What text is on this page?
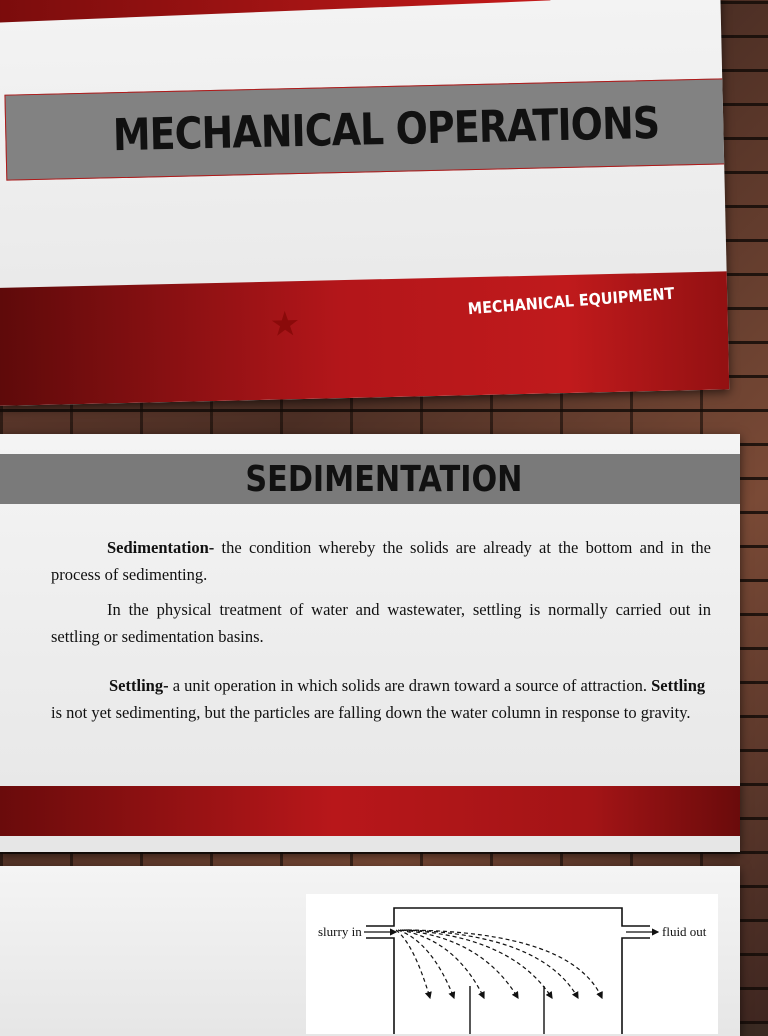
MECHANICAL OPERATIONS
★
MECHANICAL EQUIPMENT
SEDIMENTATION

Sedimentation- the condition whereby the solids are already at the bottom and in the process of sedimenting.

In the physical treatment of water and wastewater, settling is normally carried out in settling or sedimentation basins.

Settling- a unit operation in which solids are drawn toward a source of attraction. Settling is not yet sedimenting, but the particles are falling down the water column in response to gravity.

slurry in	fluid out
